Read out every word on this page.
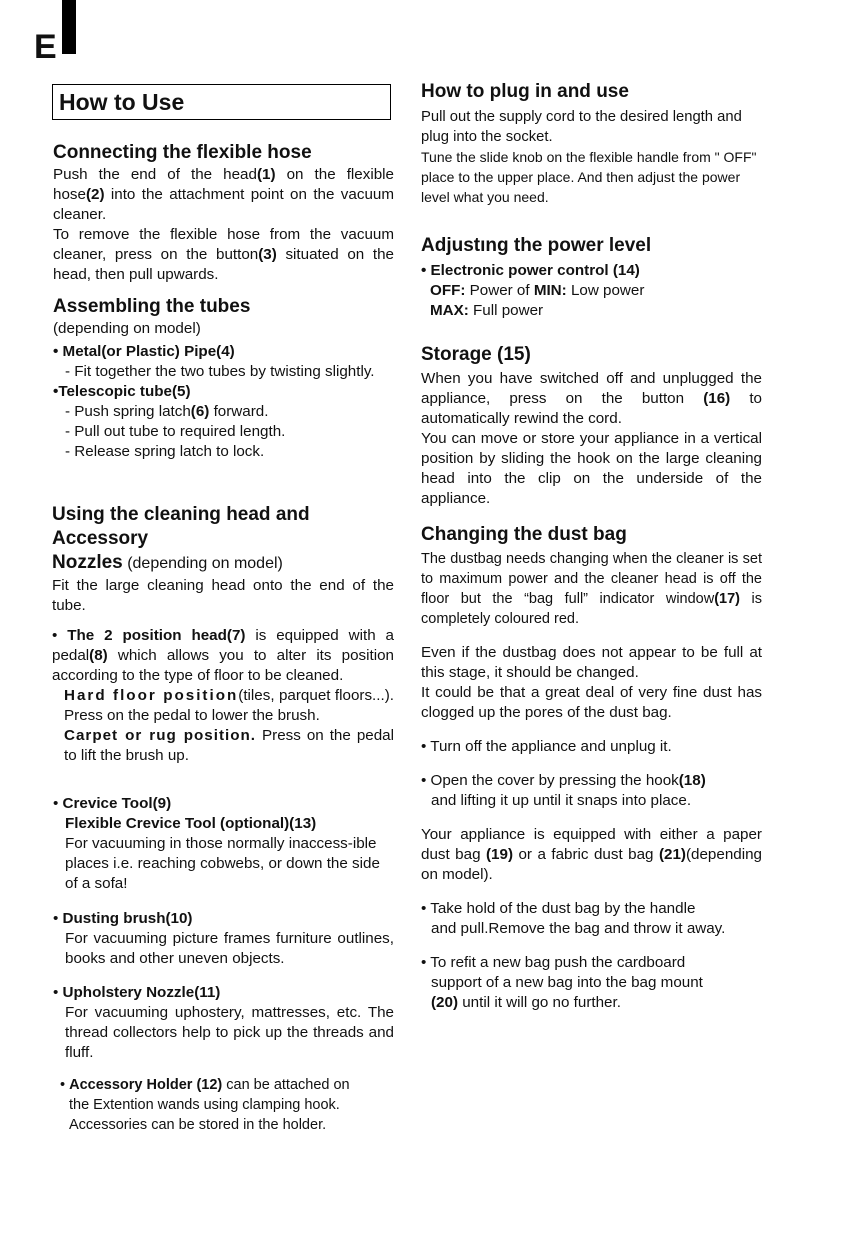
E
How to Use
Connecting the flexible hose

Push the end of the head(1) on the flexible hose(2) into the attachment point on the vacuum cleaner.

To remove the flexible hose from the vacuum cleaner, press on the button(3) situated on the head, then pull upwards.

Assembling the tubes

(depending on model)

• Metal(or Plastic) Pipe(4)

- Fit together the two tubes by twisting slightly.

•Telescopic tube(5)

- Push spring latch(6) forward.

- Pull out tube to required length.

- Release spring latch to lock.

Using the cleaning head and Accessory

Nozzles (depending on model)

Fit the large cleaning head onto the end of the tube.

• The 2 position head(7) is equipped with a pedal(8) which allows you to alter its position according to the type of floor to be cleaned.

Hard floor position(tiles, parquet floors...). Press on the pedal to lower the brush.

Carpet or rug position. Press on the pedal to lift the brush up.

• Crevice Tool(9)

Flexible Crevice Tool (optional)(13)

For vacuuming in those normally inaccess-ible places i.e. reaching cobwebs, or down the side of a sofa!

• Dusting brush(10)

For vacuuming picture frames furniture outlines, books and other uneven objects.

• Upholstery Nozzle(11)

For vacuuming uphostery, mattresses, etc. The thread collectors help to pick up the threads and fluff.

• Accessory Holder (12) can be attached on

the Extention wands using clamping hook.

Accessories can be stored in the holder.

How to plug in and use

Pull out the supply cord to the desired length and plug into the socket.

Tune the slide knob on the flexible handle from " OFF" place to the upper place. And then adjust the power level what you need.

Adjustıng the power level

• Electronic power control (14)

OFF: Power of MIN: Low power

MAX: Full power

Storage (15)

When you have switched off and unplugged the appliance, press on the button (16) to automatically rewind the cord.

You can move or store your appliance in a vertical position by sliding the hook on the large cleaning head into the clip on the underside of the appliance.

Changing the dust bag

The dustbag needs changing when the cleaner is set to maximum power and the cleaner head is off the floor but the “bag full” indicator window(17) is completely coloured red.

Even if the dustbag does not appear to be full at this stage, it should be changed.

It could be that a great deal of very fine dust has clogged up the pores of the dust bag.

• Turn off the appliance and unplug it.

• Open the cover by pressing the hook(18)

and lifting it up until it snaps into place.

Your appliance is equipped with either a paper dust bag (19) or a fabric dust bag (21)(depending on model).

• Take hold of the dust bag by the handle

and pull.Remove the bag and throw it away.

• To refit a new bag push the cardboard

support of a new bag into the bag mount

(20) until it will go no further.
